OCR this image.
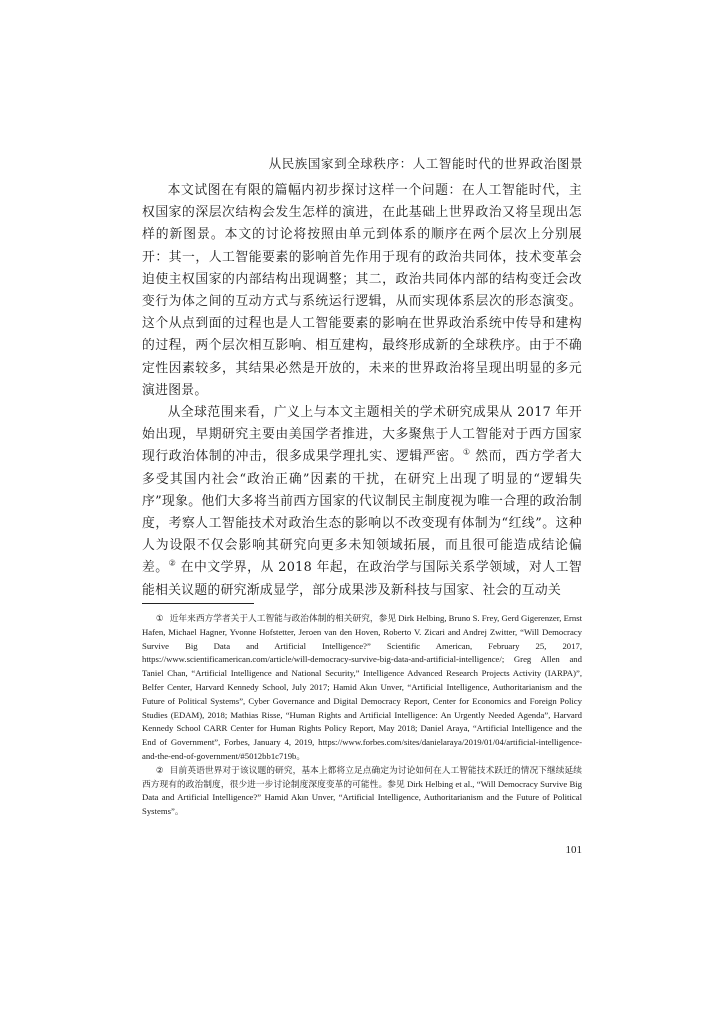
从民族国家到全球秩序：人工智能时代的世界政治图景

本文试图在有限的篇幅内初步探讨这样一个问题：在人工智能时代，主权国家的深层次结构会发生怎样的演进，在此基础上世界政治又将呈现出怎样的新图景。本文的讨论将按照由单元到体系的顺序在两个层次上分别展开：其一，人工智能要素的影响首先作用于现有的政治共同体，技术变革会迫使主权国家的内部结构出现调整；其二，政治共同体内部的结构变迁会改变行为体之间的互动方式与系统运行逻辑，从而实现体系层次的形态演变。这个从点到面的过程也是人工智能要素的影响在世界政治系统中传导和建构的过程，两个层次相互影响、相互建构，最终形成新的全球秩序。由于不确定性因素较多，其结果必然是开放的，未来的世界政治将呈现出明显的多元演进图景。

从全球范围来看，广义上与本文主题相关的学术研究成果从 2017 年开始出现，早期研究主要由美国学者推进，大多聚焦于人工智能对于西方国家现行政治体制的冲击，很多成果学理扎实、逻辑严密。① 然而，西方学者大多受其国内社会“政治正确”因素的干扰，在研究上出现了明显的“逻辑失序”现象。他们大多将当前西方国家的代议制民主制度视为唯一合理的政治制度，考察人工智能技术对政治生态的影响以不改变现有体制为“红线”。这种人为设限不仅会影响其研究向更多未知领域拓展，而且很可能造成结论偏差。② 在中文学界，从 2018 年起，在政治学与国际关系学领域，对人工智能相关议题的研究渐成显学，部分成果涉及新科技与国家、社会的互动关

① 近年来西方学者关于人工智能与政治体制的相关研究，参见 Dirk Helbing, Bruno S. Frey, Gerd Gigerenzer, Ernst Hafen, Michael Hagner, Yvonne Hofstetter, Jeroen van den Hoven, Roberto V. Zicari and Andrej Zwitter, “Will Democracy Survive Big Data and Artificial Intelligence?” Scientific American, February 25, 2017, https://www.scientificamerican.com/article/will-democracy-survive-big-data-and-artificial-intelligence/; Greg Allen and Taniel Chan, “Artificial Intelligence and National Security,” Intelligence Advanced Research Projects Activity (IARPA)”, Belfer Center, Harvard Kennedy School, July 2017; Hamid Akın Unver, “Artificial Intelligence, Authoritarianism and the Future of Political Systems”, Cyber Governance and Digital Democracy Report, Center for Economics and Foreign Policy Studies (EDAM), 2018; Mathias Risse, “Human Rights and Artificial Intelligence: An Urgently Needed Agenda”, Harvard Kennedy School CARR Center for Human Rights Policy Report, May 2018; Daniel Araya, “Artificial Intelligence and the End of Government”, Forbes, January 4, 2019, https://www.forbes.com/sites/danielaraya/2019/01/04/artificial-intelligence-and-the-end-of-government/#5012bb1c719b。

② 目前英语世界对于该议题的研究，基本上都将立足点确定为讨论如何在人工智能技术跃迁的情况下继续延续西方现有的政治制度，很少进一步讨论制度深度变革的可能性。参见 Dirk Helbing et al., “Will Democracy Survive Big Data and Artificial Intelligence?” Hamid Akın Unver, “Artificial Intelligence, Authoritarianism and the Future of Political Systems”。

101
